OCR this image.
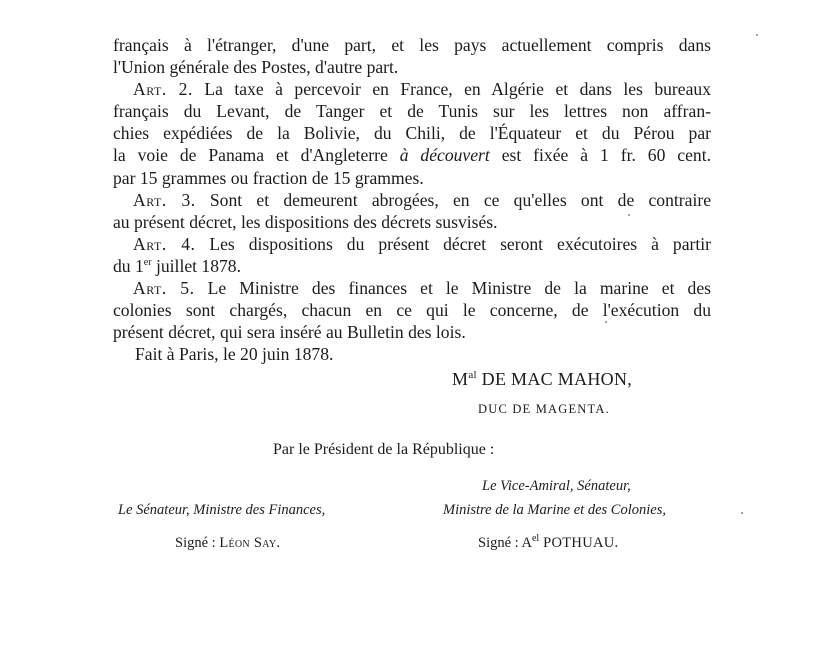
français à l'étranger, d'une part, et les pays actuellement compris dans
l'Union générale des Postes, d'autre part.
Art. 2. La taxe à percevoir en France, en Algérie et dans les bureaux
français du Levant, de Tanger et de Tunis sur les lettres non affran-
chies expédiées de la Bolivie, du Chili, de l'Équateur et du Pérou par
la voie de Panama et d'Angleterre à découvert est fixée à 1 fr. 60 cent.
par 15 grammes ou fraction de 15 grammes.
Art. 3. Sont et demeurent abrogées, en ce qu'elles ont de contraire
au présent décret, les dispositions des décrets susvisés.
Art. 4. Les dispositions du présent décret seront exécutoires à partir
du 1er juillet 1878.
Art. 5. Le Ministre des finances et le Ministre de la marine et des
colonies sont chargés, chacun en ce qui le concerne, de l'exécution du
présent décret, qui sera inséré au Bulletin des lois.
Fait à Paris, le 20 juin 1878.
$M^{al}$ DE MAC MAHON,
DUC DE MAGENTA.
Par le Président de la République :
Le Vice-Amiral, Sénateur,
Le Sénateur, Ministre des Finances,	Ministre de la Marine et des Colonies,
Signé : Léon Say.	Signé : $A^{el}$ POTHUAU.
